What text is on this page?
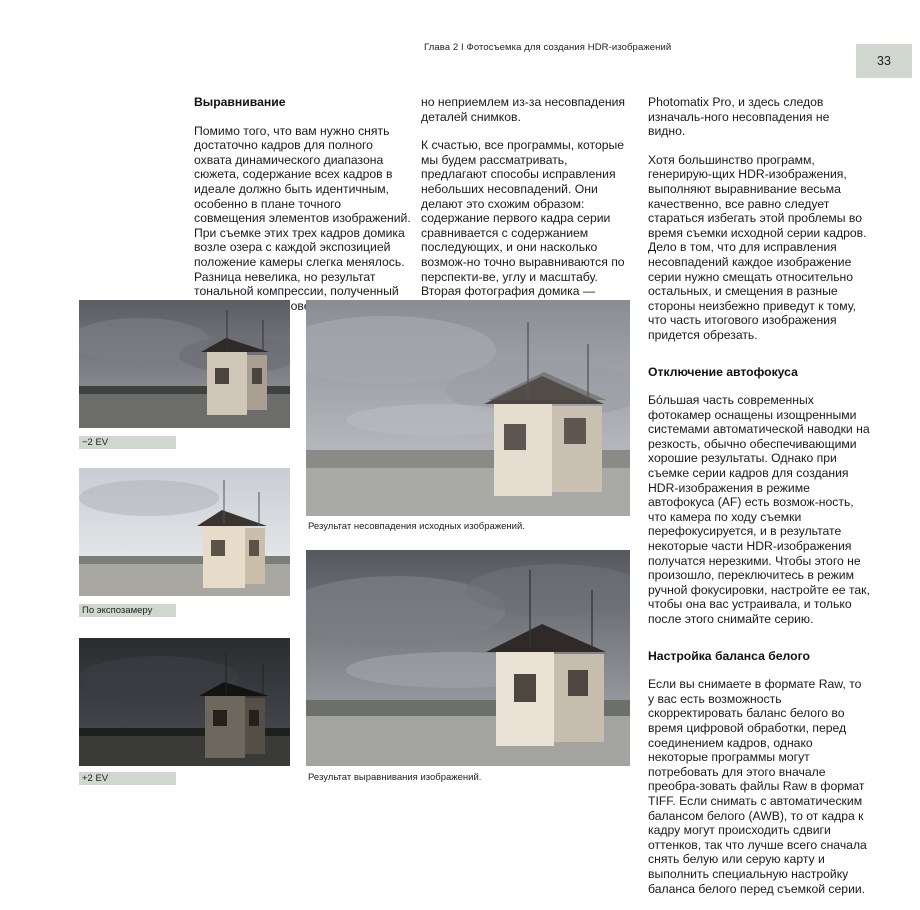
Глава 2 I Фотосъемка для создания HDR-изображений
33
Выравнивание

Помимо того, что вам нужно снять достаточно кадров для полного охвата динамического диапазона сюжета, содержание всех кадров в идеале должно быть идентичным, особенно в плане точного совмещения элементов изображений. При съемке этих трех кадров домика возле озера с каждой экспозицией положение камеры слегка менялось. Разница невелика, но результат тональной компрессии, полученный

но неприемлем из-за несовпадения деталей снимков.

К счастью, все программы, которые мы будем рассматривать, предлагают способы исправления небольших несовпадений. Они делают это схожим образом: содержание первого кадра серии сравнивается с содержанием последующих, и они насколько возмож-но точно выравниваются по перспекти-ве, углу и масштабу. Вторая фотография домика —

Photomatix Pro, и здесь следов изначаль-ного несовпадения не видно.

Хотя большинство программ, генерирую-щих HDR-изображения, выполняют выравнивание весьма качественно, все равно следует стараться избегать этой проблемы во время съемки исходной серии кадров. Дело в том, что для исправления несовпадений каждое изображение серии нужно смещать относительно остальных, и смещения в разные стороны неизбежно приведут к тому, что часть итогового изображения придется обрезать.

Отключение автофокуса

Бóльшая часть современных фотокамер оснащены изощренными системами автоматической наводки на резкость, обычно обеспечивающими хорошие результаты. Однако при съемке серии кадров для создания HDR-изображения в режиме автофокуса (AF) есть возмож-ность, что камера по ходу съемки перефокусируется, и в результате некоторые части HDR-изображения получатся нерезкими. Чтобы этого не произошло, переключитесь в режим ручной фокусировки, настройте ее так, чтобы она вас устраивала, и только после этого снимайте серию.

Настройка баланса белого

Если вы снимаете в формате Raw, то у вас есть возможность скорректировать баланс белого во время цифровой обработки, перед соединением кадров, однако некоторые программы могут потребовать для этого вначале преобра-зовать файлы Raw в формат TIFF. Если снимать с автоматическим балансом белого (AWB), то от кадра к кадру могут происходить сдвиги оттенков, так что лучше всего сначала снять белую или серую карту и выполнить специальную настройку баланса белого перед съемкой серии.

−2 EV
По экспозамеру
+2 EV
Результат несовпадения исходных изображений.
Результат выравнивания изображений.
